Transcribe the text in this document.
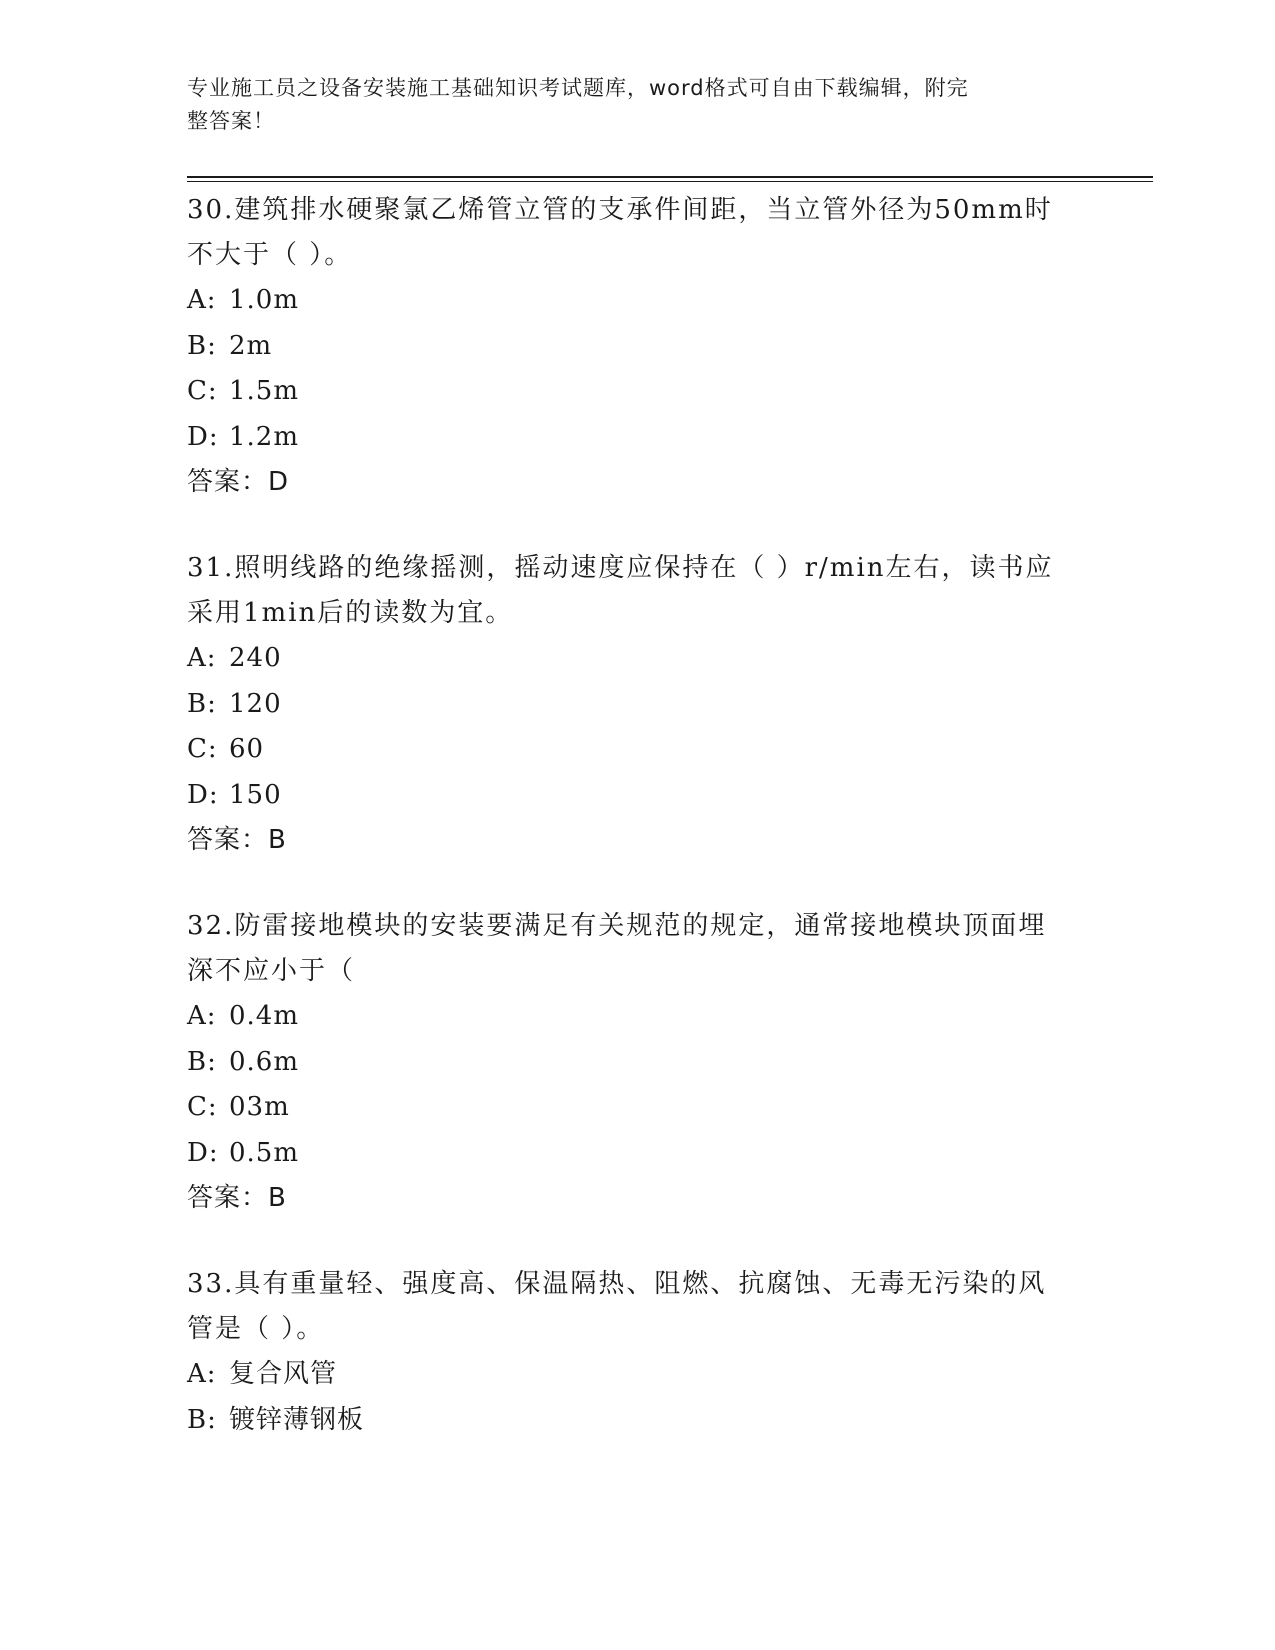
专业施工员之设备安装施工基础知识考试题库，word格式可自由下载编辑，附完
整答案！
30.建筑排水硬聚氯乙烯管立管的支承件间距，当立管外径为50mm时
不大于（ ）。
A: 1.0m
B: 2m
C: 1.5m
D: 1.2m
答案：D
31.照明线路的绝缘摇测，摇动速度应保持在（ ）r/min左右，读书应
采用1min后的读数为宜。
A: 240
B: 120
C: 60
D: 150
答案：B
32.防雷接地模块的安装要满足有关规范的规定，通常接地模块顶面埋
深不应小于（
A: 0.4m
B: 0.6m
C: 03m
D: 0.5m
答案：B
33.具有重量轻、强度高、保温隔热、阻燃、抗腐蚀、无毒无污染的风
管是（ ）。
A: 复合风管
B: 镀锌薄钢板
